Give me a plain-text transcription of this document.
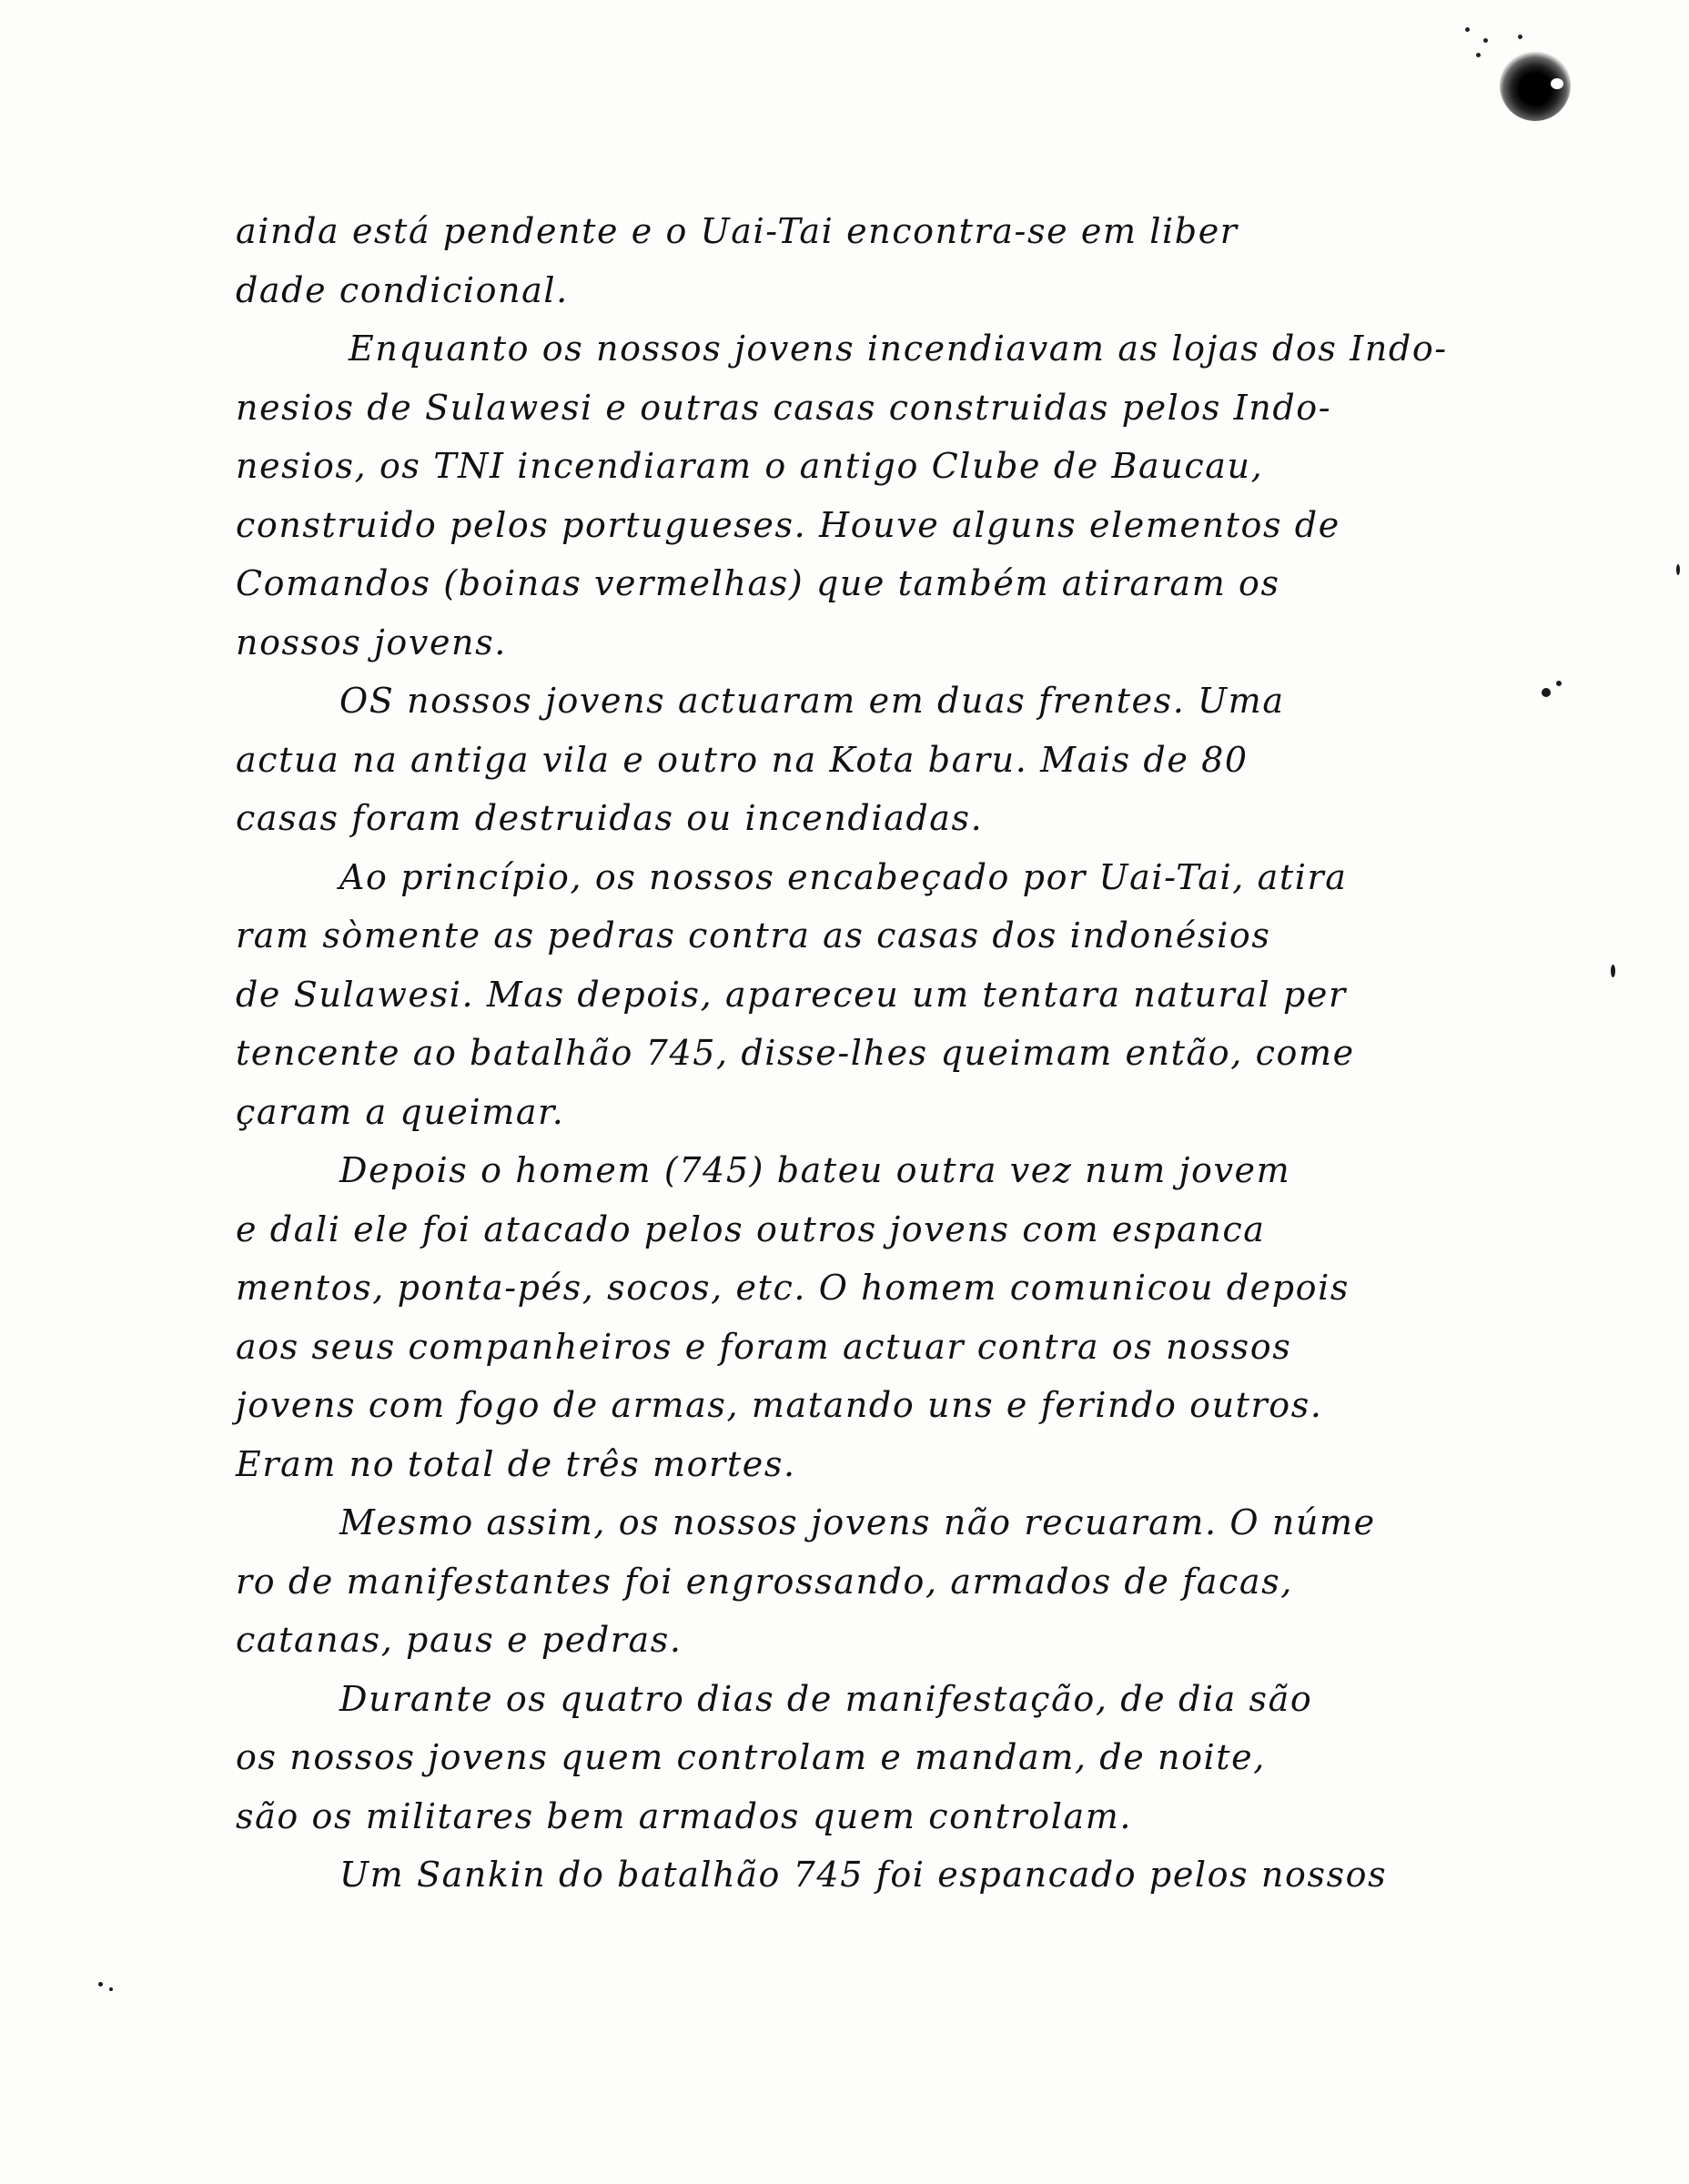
ainda está pendente e o Uai-Tai encontra-se em liber
dade condicional.
Enquanto os nossos jovens incendiavam as lojas dos Indo-
nesios de Sulawesi e outras casas construidas pelos Indo-
nesios, os TNI incendiaram o antigo Clube de Baucau,
construido pelos portugueses. Houve alguns elementos de
Comandos (boinas vermelhas) que também atiraram os
nossos jovens.
OS nossos jovens actuaram em duas frentes. Uma
actua na antiga vila e outro na Kota baru. Mais de 80
casas foram destruidas ou incendiadas.
Ao princípio, os nossos encabeçado por Uai-Tai, atira
ram sòmente as pedras contra as casas dos indonésios
de Sulawesi. Mas depois, apareceu um tentara natural per
tencente ao batalhão 745, disse-lhes queimam então, come
çaram a queimar.
Depois o homem (745) bateu outra vez num jovem
e dali ele foi atacado pelos outros jovens com espanca
mentos, ponta-pés, socos, etc. O homem comunicou depois
aos seus companheiros e foram actuar contra os nossos
jovens com fogo de armas, matando uns e ferindo outros.
Eram no total de três mortes.
Mesmo assim, os nossos jovens não recuaram. O núme
ro de manifestantes foi engrossando, armados de facas,
catanas, paus e pedras.
Durante os quatro dias de manifestação, de dia são
os nossos jovens quem controlam e mandam, de noite,
são os militares bem armados quem controlam.
Um Sankin do batalhão 745 foi espancado pelos nossos
